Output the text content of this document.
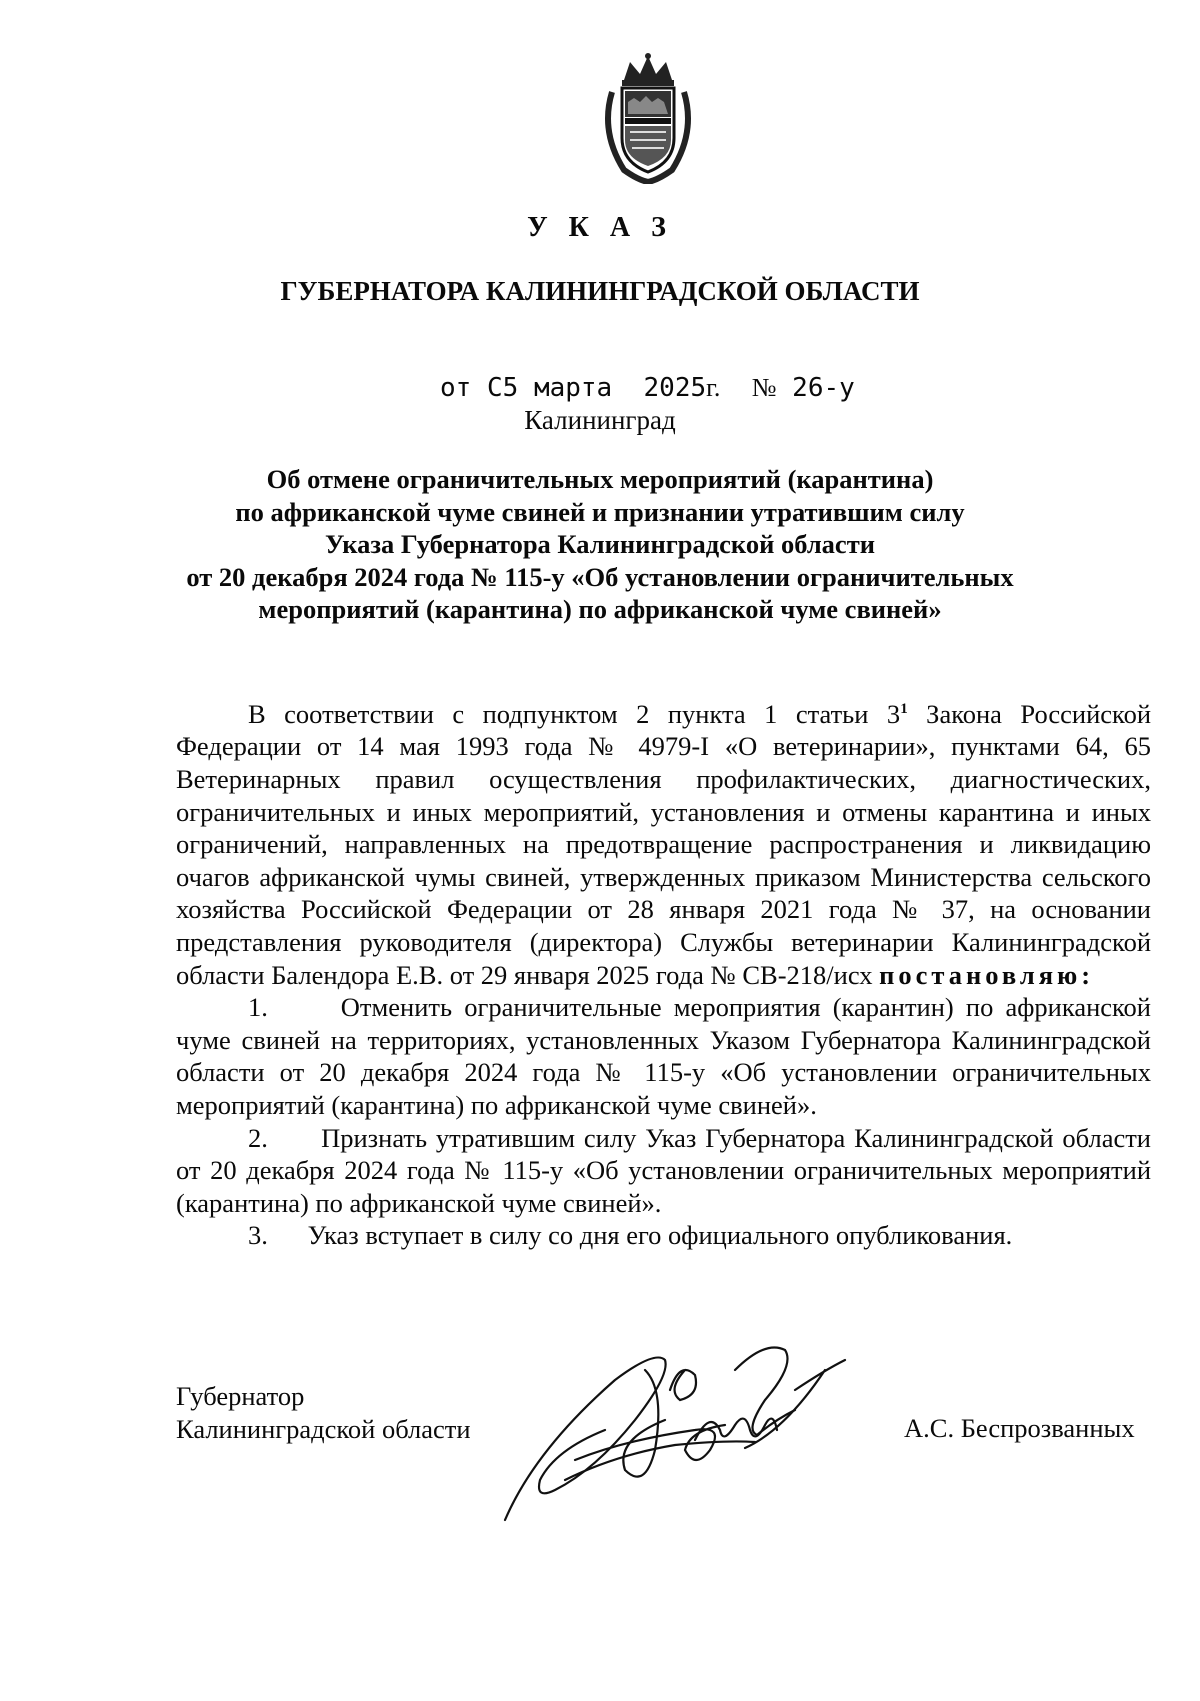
У К А З
ГУБЕРНАТОРА КАЛИНИНГРАДСКОЙ ОБЛАСТИ
от С5 марта 2025г. № 26-у
Калининград
Об отмене ограничительных мероприятий (карантина)
по африканской чуме свиней и признании утратившим силу
Указа Губернатора Калининградской области
от 20 декабря 2024 года № 115-у «Об установлении ограничительных
мероприятий (карантина) по африканской чуме свиней»

В соответствии с подпунктом 2 пункта 1 статьи $3^1$ Закона Российской Федерации от 14 мая 1993 года № 4979-I «О ветеринарии», пунктами 64, 65 Ветеринарных правил осуществления профилактических, диагностических, ограничительных и иных мероприятий, установления и отмены карантина и иных ограничений, направленных на предотвращение распространения и ликвидацию очагов африканской чумы свиней, утвержденных приказом Министерства сельского хозяйства Российской Федерации от 28 января 2021 года № 37, на основании представления руководителя (директора) Службы ветеринарии Калининградской области Балендора Е.В. от 29 января 2025 года № СВ-218/исх постановляю:

1.	Отменить ограничительные мероприятия (карантин) по африканской чуме свиней на территориях, установленных Указом Губернатора Калининградской области от 20 декабря 2024 года № 115-у «Об установлении ограничительных мероприятий (карантина) по африканской чуме свиней».

2. Признать утратившим силу Указ Губернатора Калининградской области от 20 декабря 2024 года № 115-у «Об установлении ограничительных мероприятий (карантина) по африканской чуме свиней».

3. Указ вступает в силу со дня его официального опубликования.

Губернатор
Калининградской области	А.С. Беспрозванных
